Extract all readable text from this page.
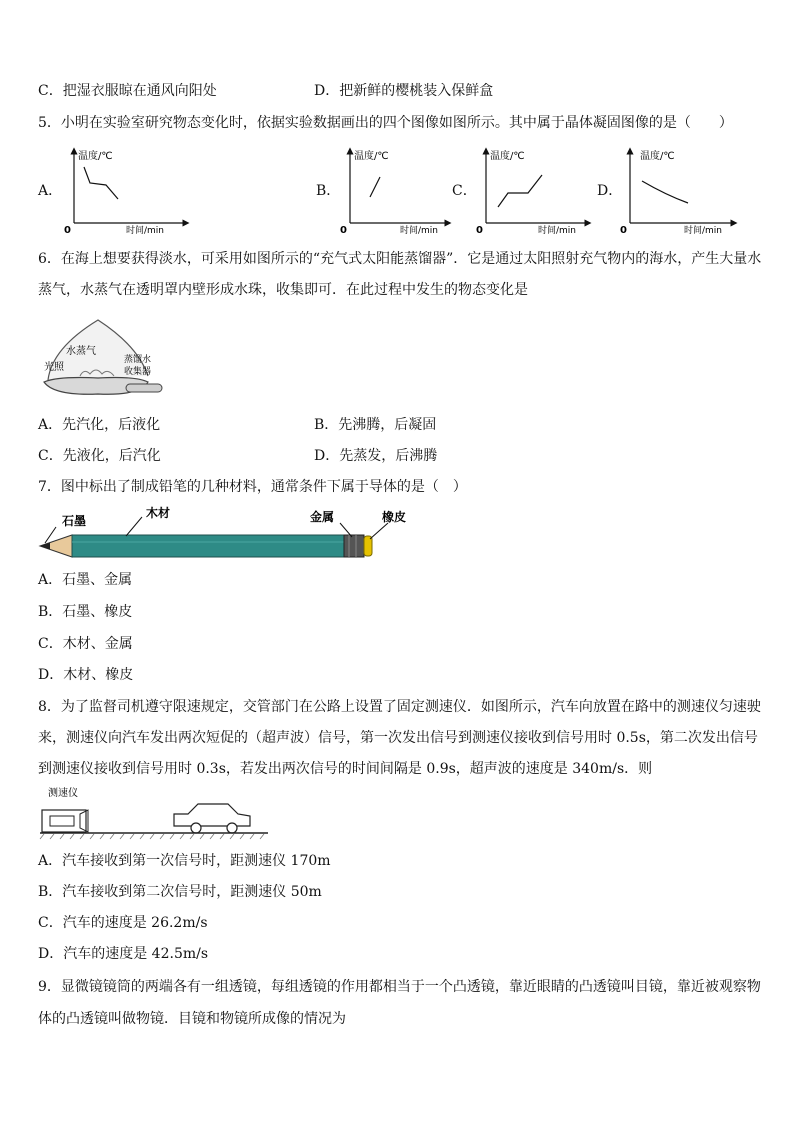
C．把湿衣服晾在通风向阳处	D．把新鲜的樱桃装入保鲜盒
5．小明在实验室研究物态变化时，依据实验数据画出的四个图像如图所示。其中属于晶体凝固图像的是（　　）
A．
温度/℃
时间/min
0
B．
温度/℃
时间/min
0
C．
温度/℃
时间/min
0
D．
温度/℃
时间/min
0
6．在海上想要获得淡水，可采用如图所示的“充气式太阳能蒸馏器”．它是通过太阳照射充气物内的海水，产生大量水
蒸气，水蒸气在透明罩内壁形成水珠，收集即可．在此过程中发生的物态变化是
水蒸气
光照
蒸馏水
收集器
A．先汽化，后液化	B．先沸腾，后凝固
C．先液化，后汽化	D．先蒸发，后沸腾
7．图中标出了制成铅笔的几种材料，通常条件下属于导体的是（　）
石墨
木材	金属	橡皮
A．石墨、金属
B．石墨、橡皮
C．木材、金属
D．木材、橡皮
8．为了监督司机遵守限速规定，交管部门在公路上设置了固定测速仪．如图所示，汽车向放置在路中的测速仪匀速驶
来，测速仪向汽车发出两次短促的（超声波）信号，第一次发出信号到测速仪接收到信号用时 0.5s，第二次发出信号
到测速仪接收到信号用时 0.3s，若发出两次信号的时间间隔是 0.9s，超声波的速度是 340m/s．则
测速仪
A．汽车接收到第一次信号时，距测速仪 170m
B．汽车接收到第二次信号时，距测速仪 50m
C．汽车的速度是 26.2m/s
D．汽车的速度是 42.5m/s
9．显微镜镜筒的两端各有一组透镜，每组透镜的作用都相当于一个凸透镜，靠近眼睛的凸透镜叫目镜，靠近被观察物
体的凸透镜叫做物镜．目镜和物镜所成像的情况为
